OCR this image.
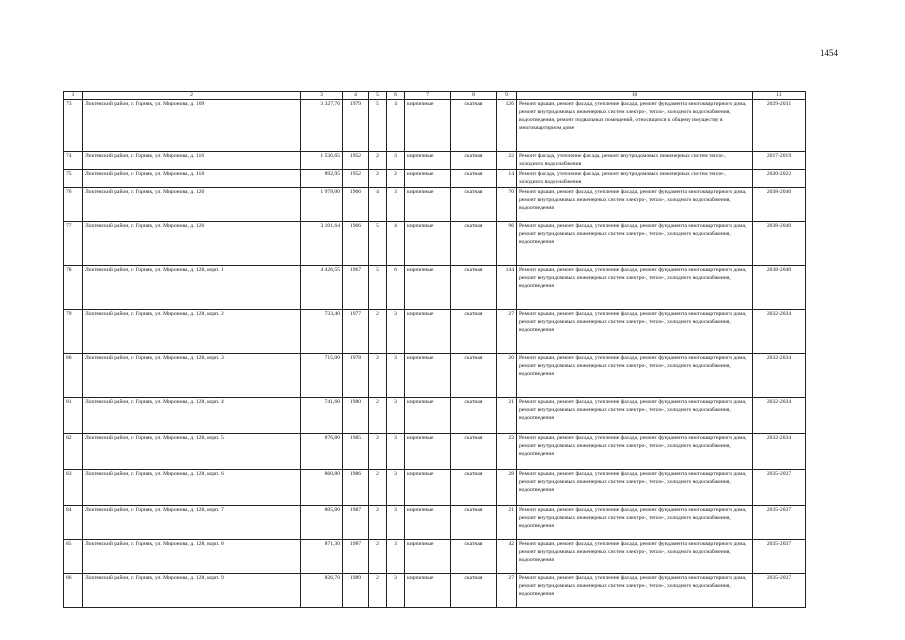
1454
1	2	3	4	5	6	7	8	9	10	11
73	Локтевский район, г. Горняк, ул. Миронова, д. 109	3 327,76	1979	5	4	кирпичные	скатная	126	Ремонт крыши, ремонт фасада, утепление фасада, ремонт фундамента многоквартирного дома, ремонт внутридомовых инженерных систем электро-, тепло-, холодного водоснабжения, водоотведения, ремонт подвальных помещений, относящихся к общему имуществу в многоквартирном доме	2029-2031
74	Локтевский район, г. Горняк, ул. Миронова, д. 116	1 536,65	1952	2	3	кирпичные	скатная	22	Ремонт фасада, утепление фасада, ремонт внутридомовых инженерных систем тепло-, холодного водоснабжения	2017-2019
75	Локтевский район, г. Горняк, ул. Миронова, д. 118	892,95	1952	2	2	кирпичные	скатная	14	Ремонт фасада, утепление фасада, ремонт внутридомовых инженерных систем тепло-, холодного водоснабжения	2020-2022
76	Локтевский район, г. Горняк, ул. Миронова, д. 120	1 978,00	1966	4	3	кирпичные	скатная	70	Ремонт крыши, ремонт фасада, утепление фасада, ремонт фундамента многоквартирного дома, ремонт внутридомовых инженерных систем электро-, тепло-, холодного водоснабжения, водоотведения	2038-2040
77	Локтевский район, г. Горняк, ул. Миронова, д. 126	3 101,64	1966	5	4	кирпичные	скатная	96	Ремонт крыши, ремонт фасада, утепление фасада, ремонт фундамента многоквартирного дома, ремонт внутридомовых инженерных систем электро-, тепло-, холодного водоснабжения, водоотведения	2038-2040
78	Локтевский район, г. Горняк, ул. Миронова, д. 128, корп. 1	4 426,55	1967	5	6	кирпичные	скатная	144	Ремонт крыши, ремонт фасада, утепление фасада, ремонт фундамента многоквартирного дома, ремонт внутридомовых инженерных систем электро-, тепло-, холодного водоснабжения, водоотведения	2038-2040
79	Локтевский район, г. Горняк, ул. Миронова, д. 128, корп. 2	733,40	1977	2	3	кирпичные	скатная	27	Ремонт крыши, ремонт фасада, утепление фасада, ремонт фундамента многоквартирного дома, ремонт внутридомовых инженерных систем электро-, тепло-, холодного водоснабжения, водоотведения	2032-2034
80	Локтевский район, г. Горняк, ул. Миронова, д. 128, корп. 3	715,00	1978	2	3	кирпичные	скатная	20	Ремонт крыши, ремонт фасада, утепление фасада, ремонт фундамента многоквартирного дома, ремонт внутридомовых инженерных систем электро-, тепло-, холодного водоснабжения, водоотведения	2032-2034
81	Локтевский район, г. Горняк, ул. Миронова, д. 128, корп. 4	741,60	1980	2	3	кирпичные	скатная	21	Ремонт крыши, ремонт фасада, утепление фасада, ремонт фундамента многоквартирного дома, ремонт внутридомовых инженерных систем электро-, тепло-, холодного водоснабжения, водоотведения	2032-2034
82	Локтевский район, г. Горняк, ул. Миронова, д. 128, корп. 5	876,80	1985	2	3	кирпичные	скатная	23	Ремонт крыши, ремонт фасада, утепление фасада, ремонт фундамента многоквартирного дома, ремонт внутридомовых инженерных систем электро-, тепло-, холодного водоснабжения, водоотведения	2032-2034
83	Локтевский район, г. Горняк, ул. Миронова, д. 128, корп. 6	860,80	1986	2	3	кирпичные	скатная	28	Ремонт крыши, ремонт фасада, утепление фасада, ремонт фундамента многоквартирного дома, ремонт внутридомовых инженерных систем электро-, тепло-, холодного водоснабжения, водоотведения	2035-2037
84	Локтевский район, г. Горняк, ул. Миронова, д. 128, корп. 7	805,80	1987	2	3	кирпичные	скатная	21	Ремонт крыши, ремонт фасада, утепление фасада, ремонт фундамента многоквартирного дома, ремонт внутридомовых инженерных систем электро-, тепло-, холодного водоснабжения, водоотведения	2035-2037
85	Локтевский район, г. Горняк, ул. Миронова, д. 128, корп. 8	871,30	1987	2	3	кирпичные	скатная	42	Ремонт крыши, ремонт фасада, утепление фасада, ремонт фундамента многоквартирного дома, ремонт внутридомовых инженерных систем электро-, тепло-, холодного водоснабжения, водоотведения	2035-2037
86	Локтевский район, г. Горняк, ул. Миронова, д. 128, корп. 9	826,70	1989	2	3	кирпичные	скатная	27	Ремонт крыши, ремонт фасада, утепление фасада, ремонт фундамента многоквартирного дома, ремонт внутридомовых инженерных систем электро-, тепло-, холодного водоснабжения, водоотведения	2035-2037
